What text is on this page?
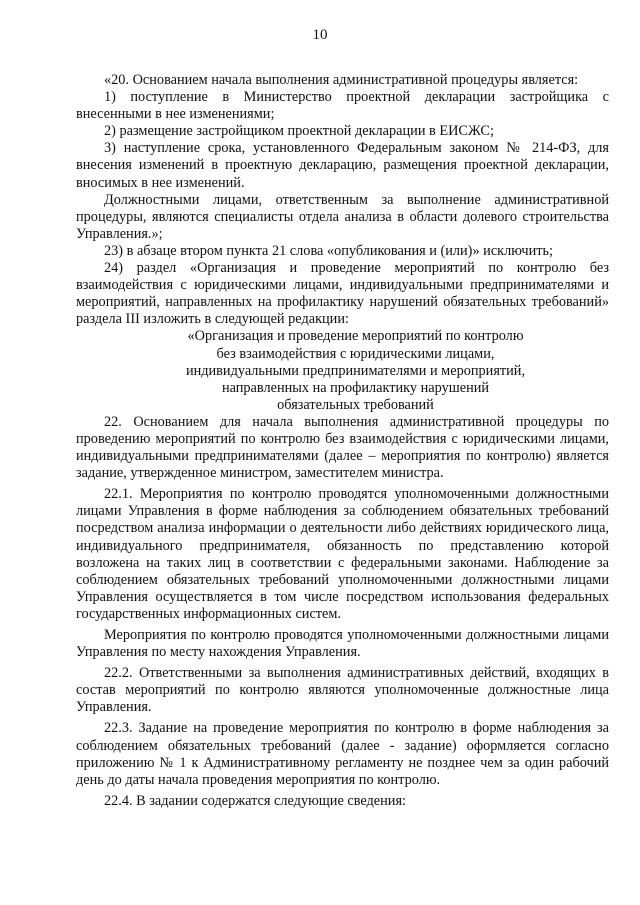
10

«20. Основанием начала выполнения административной процедуры является:

1) поступление в Министерство проектной декларации застройщика с внесенными в нее изменениями;

2) размещение застройщиком проектной декларации в ЕИСЖС;

3) наступление срока, установленного Федеральным законом № 214-ФЗ, для внесения изменений в проектную декларацию, размещения проектной декларации, вносимых в нее изменений.

Должностными лицами, ответственным за выполнение административной процедуры, являются специалисты отдела анализа в области долевого строительства Управления.»;

23) в абзаце втором пункта 21 слова «опубликования и (или)» исключить;

24) раздел «Организация и проведение мероприятий по контролю без взаимодействия с юридическими лицами, индивидуальными предпринимателями и мероприятий, направленных на профилактику нарушений обязательных требований» раздела III изложить в следующей редакции:

«Организация и проведение мероприятий по контролю
без взаимодействия с юридическими лицами,
индивидуальными предпринимателями и мероприятий,
направленных на профилактику нарушений
обязательных требований

22. Основанием для начала выполнения административной процедуры по проведению мероприятий по контролю без взаимодействия с юридическими лицами, индивидуальными предпринимателями (далее – мероприятия по контролю) является задание, утвержденное министром, заместителем министра.

22.1. Мероприятия по контролю проводятся уполномоченными должностными лицами Управления в форме наблюдения за соблюдением обязательных требований посредством анализа информации о деятельности либо действиях юридического лица, индивидуального предпринимателя, обязанность по представлению которой возложена на таких лиц в соответствии с федеральными законами. Наблюдение за соблюдением обязательных требований уполномоченными должностными лицами Управления осуществляется в том числе посредством использования федеральных государственных информационных систем.

Мероприятия по контролю проводятся уполномоченными должностными лицами Управления по месту нахождения Управления.

22.2. Ответственными за выполнения административных действий, входящих в состав мероприятий по контролю являются уполномоченные должностные лица Управления.

22.3. Задание на проведение мероприятия по контролю в форме наблюдения за соблюдением обязательных требований (далее - задание) оформляется согласно приложению № 1 к Административному регламенту не позднее чем за один рабочий день до даты начала проведения мероприятия по контролю.

22.4. В задании содержатся следующие сведения:
